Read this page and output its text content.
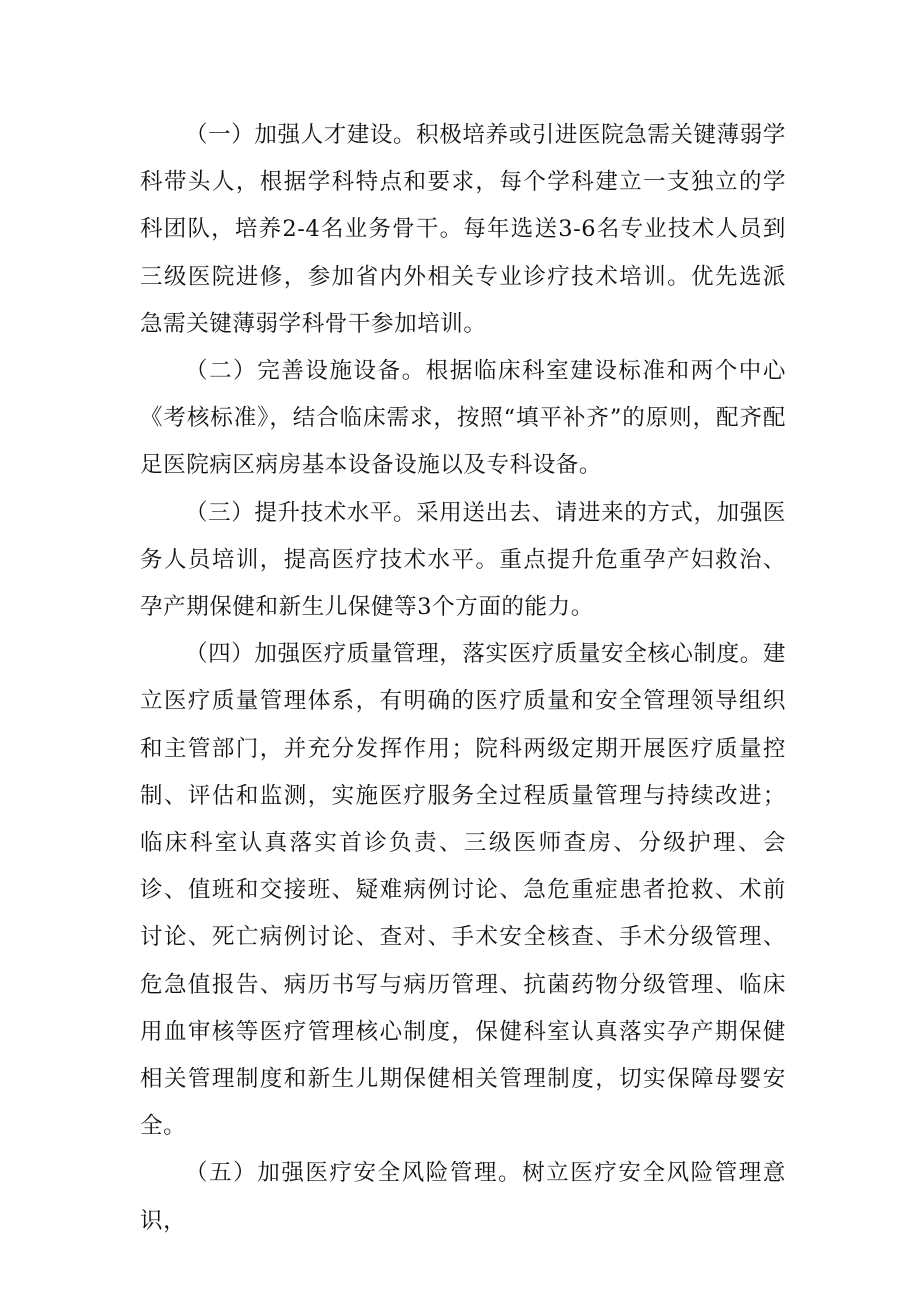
（一）加强人才建设。积极培养或引进医院急需关键薄弱学科带头人，根据学科特点和要求，每个学科建立一支独立的学科团队，培养2-4名业务骨干。每年选送3-6名专业技术人员到三级医院进修，参加省内外相关专业诊疗技术培训。优先选派急需关键薄弱学科骨干参加培训。

（二）完善设施设备。根据临床科室建设标准和两个中心《考核标准》，结合临床需求，按照“填平补齐”的原则，配齐配足医院病区病房基本设备设施以及专科设备。

（三）提升技术水平。采用送出去、请进来的方式，加强医务人员培训，提高医疗技术水平。重点提升危重孕产妇救治、孕产期保健和新生儿保健等3个方面的能力。

（四）加强医疗质量管理，落实医疗质量安全核心制度。建立医疗质量管理体系，有明确的医疗质量和安全管理领导组织和主管部门，并充分发挥作用；院科两级定期开展医疗质量控制、评估和监测，实施医疗服务全过程质量管理与持续改进；临床科室认真落实首诊负责、三级医师查房、分级护理、会诊、值班和交接班、疑难病例讨论、急危重症患者抢救、术前讨论、死亡病例讨论、查对、手术安全核查、手术分级管理、危急值报告、病历书写与病历管理、抗菌药物分级管理、临床用血审核等医疗管理核心制度，保健科室认真落实孕产期保健相关管理制度和新生儿期保健相关管理制度，切实保障母婴安全。

（五）加强医疗安全风险管理。树立医疗安全风险管理意识，
